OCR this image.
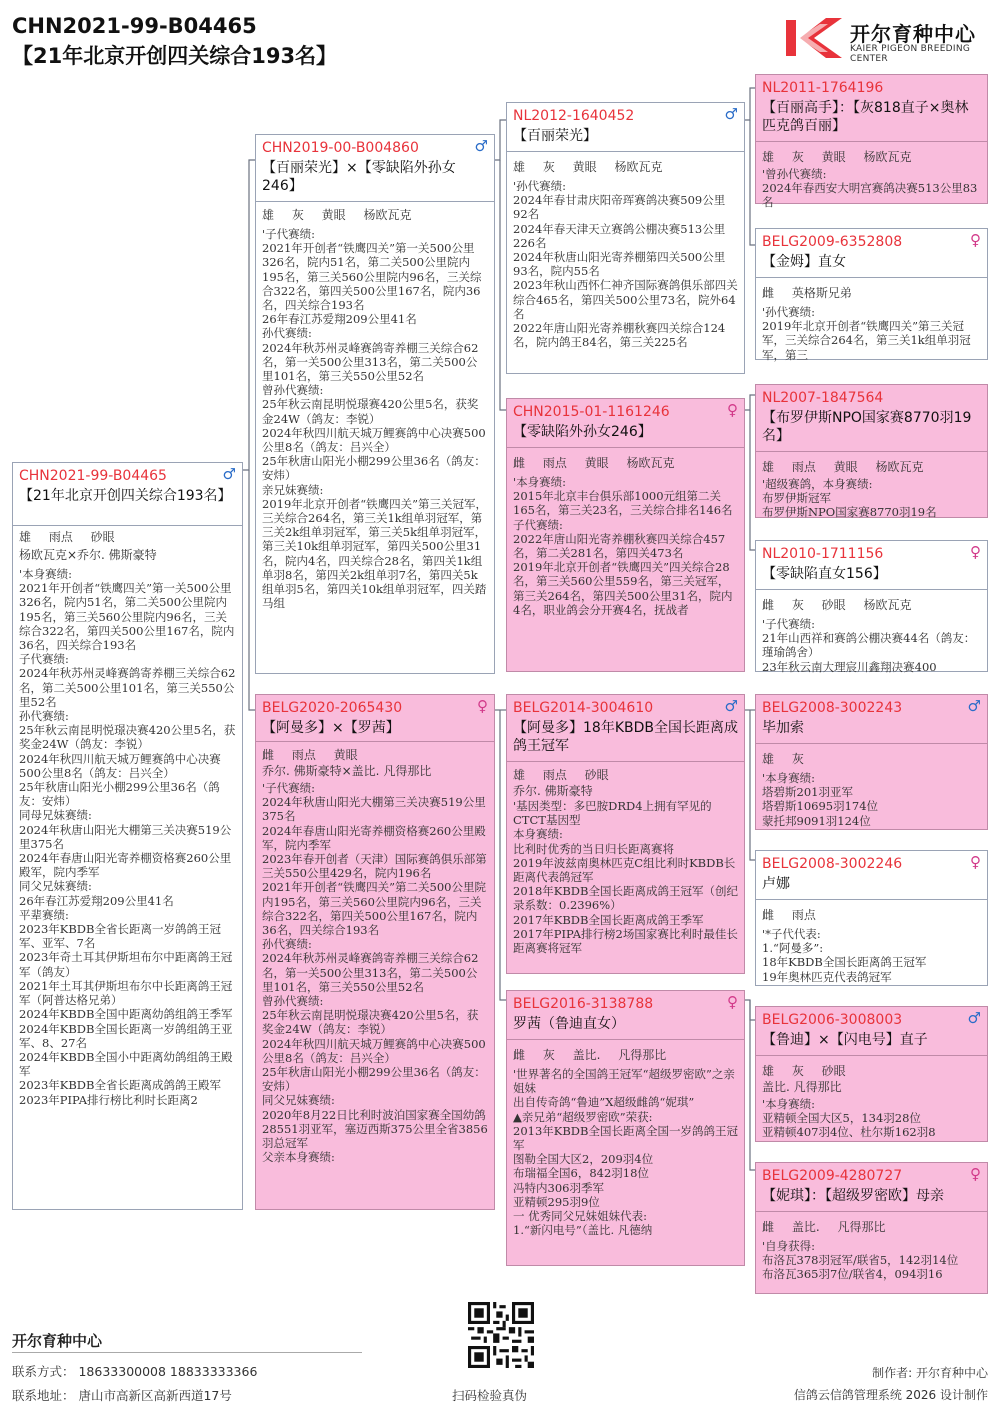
CHN2021-99-B04465
【21年北京开创四关综合193名】
开尔育种中心
KAIER PIGEON BREEDING CENTER
CHN2021-99-B04465	♂
【21年北京开创四关综合193名】
雄 雨点 砂眼
杨欧瓦克×乔尔. 佛斯豪特
'本身赛绩:
2021年开创者“铁鹰四关”第一关500公里326名，院内51名，第二关500公里院内195名，第三关560公里院内96名，三关综合322名，第四关500公里167名，院内36名，四关综合193名
子代赛绩:
2024年秋苏州灵峰赛鸽寄养棚三关综合62名，第二关500公里101名，第三关550公里52名
孙代赛绩:
25年秋云南昆明悦璟决赛420公里5名，获奖金24W（鸽友：李锐）
2024年秋四川航天城万鲤赛鸽中心决赛500公里8名（鸽友：吕兴全）
25年秋唐山阳光小棚299公里36名（鸽友：安炜）
同母兄妹赛绩:
2024年秋唐山阳光大棚第三关决赛519公里375名
2024年春唐山阳光寄养棚资格赛260公里殿军，院内季军
同父兄妹赛绩:
26年春江苏爱翔209公里41名
平辈赛绩:
2023年KBDB全省长距离一岁鸽鸽王冠军、亚军、7名
2023年奇土耳其伊斯坦布尔中距离鸽王冠军（鸽友）
2021年土耳其伊斯坦布尔中长距离鸽王冠军（阿普达格兄弟）
2024年KBDB全国中距离幼鸽组鸽王季军
2024年KBDB全国长距离一岁鸽组鸽王亚军、8、27名
2024年KBDB全国小中距离幼鸽组鸽王殿军
2023年KBDB全省长距离成鸽鸽王殿军
2023年PIPA排行榜比利时长距离2
CHN2019-00-B004860	♂
【百丽荣光】×【零缺陷外孙女246】
雄 灰 黄眼 杨欧瓦克
'子代赛绩:
2021年开创者“铁鹰四关”第一关500公里326名，院内51名，第二关500公里院内195名，第三关560公里院内96名，三关综合322名，第四关500公里167名，院内36名，四关综合193名
26年春江苏爱翔209公里41名
孙代赛绩:
2024年秋苏州灵峰赛鸽寄养棚三关综合62名，第一关500公里313名，第二关500公里101名，第三关550公里52名
曾孙代赛绩:
25年秋云南昆明悦璟赛420公里5名，获奖金24W（鸽友：李锐）
2024年秋四川航天城万鲤赛鸽中心决赛500公里8名（鸽友：吕兴全）
25年秋唐山阳光小棚299公里36名（鸽友：安炜）
亲兄妹赛绩:
2019年北京开创者“铁鹰四关”第三关冠军，三关综合264名，第三关1k组单羽冠军，第三关2k组单羽冠军，第三关5k组单羽冠军，第三关10k组单羽冠军，第四关500公里31名，院内4名，四关综合28名，第四关1k组单羽8名，第四关2k组单羽7名，第四关5k组单羽5名，第四关10k组单羽冠军，四关踏马组
BELG2020-2065430	♀
【阿曼多】×【罗茜】
雌 雨点 黄眼
乔尔. 佛斯豪特×盖比. 凡得那比
'子代赛绩:
2024年秋唐山阳光大棚第三关决赛519公里375名
2024年春唐山阳光寄养棚资格赛260公里殿军，院内季军
2023年春开创者（天津）国际赛鸽俱乐部第三关550公里429名，院内196名
2021年开创者“铁鹰四关”第二关500公里院内195名，第三关560公里院内96名，三关综合322名，第四关500公里167名，院内36名，四关综合193名
孙代赛绩:
2024年秋苏州灵峰赛鸽寄养棚三关综合62名，第一关500公里313名，第二关500公里101名，第三关550公里52名
曾孙代赛绩:
25年秋云南昆明悦璟决赛420公里5名，获奖金24W（鸽友：李锐）
2024年秋四川航天城万鲤赛鸽中心决赛500公里8名（鸽友：吕兴全）
25年秋唐山阳光小棚299公里36名（鸽友：安炜）
同父兄妹赛绩:
2020年8月22日比利时波泊国家赛全国幼鸽28551羽亚军，塞迈西斯375公里全省3856羽总冠军
父亲本身赛绩:
NL2012-1640452	♂
【百丽荣光】
雄 灰 黄眼 杨欧瓦克
'孙代赛绩:
2024年春甘肃庆阳帝珲赛鸽决赛509公里92名
2024年春天津天立赛鸽公棚决赛513公里226名
2024年秋唐山阳光寄养棚第四关500公里93名，院内55名
2023年秋山西怀仁神齐国际赛鸽俱乐部四关综合465名，第四关500公里73名，院外64名
2022年唐山阳光寄养棚秋赛四关综合124名，院内鸽王84名，第三关225名
CHN2015-01-1161246	♀
【零缺陷外孙女246】
雌 雨点 黄眼 杨欧瓦克
'本身赛绩:
2015年北京丰台俱乐部1000元组第二关165名，第三关23名，三关综合排名146名
子代赛绩:
2022年唐山阳光寄养棚秋赛四关综合457名，第二关281名，第四关473名
2019年北京开创者“铁鹰四关”四关综合28名，第三关560公里559名，第三关冠军，第三关264名，第四关500公里31名，院内4名，职业鸽会分开赛4名，抚战者
BELG2014-3004610	♂
【阿曼多】18年KBDB全国长距离成鸽王冠军
雄 雨点 砂眼
乔尔. 佛斯豪特
'基因类型：多巴胺DRD4上拥有罕见的CTCT基因型
本身赛绩:
比利时优秀的当日归长距离赛将
2019年波兹南奥林匹克C组比利时KBDB长距离代表鸽冠军
2018年KBDB全国长距离成鸽王冠军（创纪录系数：0.2396%）
2017年KBDB全国长距离成鸽王季军
2017年PIPA排行榜2场国家赛比利时最佳长距离赛将冠军
BELG2016-3138788	♀
罗茜（鲁迪直女）
雌 灰 盖比. 凡得那比
'世界著名的全国鸽王冠军“超级罗密欧”之亲姐妹
出自传奇鸽“鲁迪”X超级雌鸽“妮琪”
▲亲兄弟“超级罗密欧”荣获:
2013年KBDB全国长距离全国一岁鸽鸽王冠军
图勒全国大区2，209羽4位
布瑞福全国6，842羽18位
冯特内306羽季军
亚精顿295羽9位
一 优秀同父兄妹姐妹代表:
1.“新闪电号”（盖比. 凡德纳
NL2011-1764196
【百丽高手】：【灰818直子×奥林匹克鸽百丽】
雄 灰 黄眼 杨欧瓦克
'曾孙代赛绩:
2024年春西安大明宫赛鸽决赛513公里83名
BELG2009-6352808	♀
【金姆】直女
雌 英格斯兄弟
'孙代赛绩:
2019年北京开创者“铁鹰四关”第三关冠军，三关综合264名，第三关1k组单羽冠军，第三
NL2007-1847564
【布罗伊斯NPO国家赛8770羽19名】
雄 雨点 黄眼 杨欧瓦克
'超级赛鸽，本身赛绩:
布罗伊斯冠军
布罗伊斯NPO国家赛8770羽19名
NL2010-1711156	♀
【零缺陷直女156】
雌 灰 砂眼 杨欧瓦克
'子代赛绩:
21年山西祥和赛鸽公棚决赛44名（鸽友：瑾瑜鸽舍）
23年秋云南大理宸川鑫翔决赛400
BELG2008-3002243	♂
毕加索
雄 灰
'本身赛绩:
塔碧斯201羽亚军
塔碧斯10695羽174位
蒙托邦9091羽124位
BELG2008-3002246	♀
卢娜
雌 雨点
'*子代代表:
1.“阿曼多”:
18年KBDB全国长距离鸽王冠军
19年奥林匹克代表鸽冠军
BELG2006-3008003	♂
【鲁迪】×【闪电号】直子
雄 灰 砂眼
盖比. 凡得那比
'本身赛绩:
亚精顿全国大区5，134羽28位
亚精顿407羽4位、杜尔斯162羽8
BELG2009-4280727	♀
【妮琪】：【超级罗密欧】母亲
雌 盖比. 凡得那比
'自身获得:
布洛瓦378羽冠军/联省5，142羽14位
布洛瓦365羽7位/联省4，094羽16
开尔育种中心
联系方式： 18633300008 18833333366
联系地址： 唐山市高新区高新西道17号	扫码检验真伪
制作者: 开尔育种中心
信鸽云信鸽管理系统 2026 设计制作
